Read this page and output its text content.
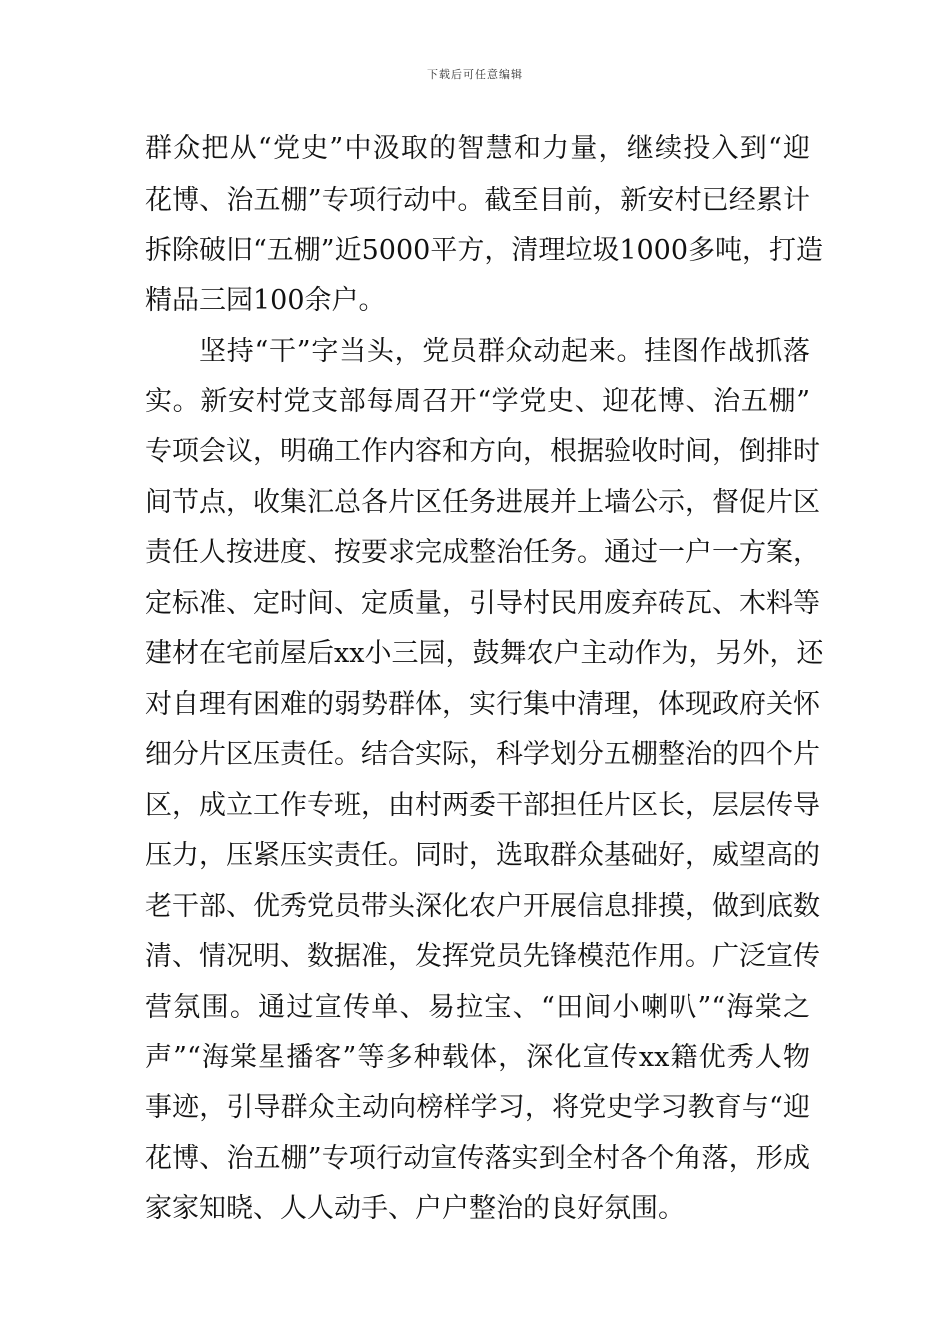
下载后可任意编辑
群众把从“党史”中汲取的智慧和力量，继续投入到“迎
花博、治五棚”专项行动中。截至目前，新安村已经累计
拆除破旧“五棚”近5000平方，清理垃圾1000多吨，打造
精品三园100余户。
坚持“干”字当头，党员群众动起来。挂图作战抓落
实。新安村党支部每周召开“学党史、迎花博、治五棚”
专项会议，明确工作内容和方向，根据验收时间，倒排时
间节点，收集汇总各片区任务进展并上墙公示，督促片区
责任人按进度、按要求完成整治任务。通过一户一方案，
定标准、定时间、定质量，引导村民用废弃砖瓦、木料等
建材在宅前屋后xx小三园，鼓舞农户主动作为，另外，还
对自理有困难的弱势群体，实行集中清理，体现政府关怀
细分片区压责任。结合实际，科学划分五棚整治的四个片
区，成立工作专班，由村两委干部担任片区长，层层传导
压力，压紧压实责任。同时，选取群众基础好，威望高的
老干部、优秀党员带头深化农户开展信息排摸，做到底数
清、情况明、数据准，发挥党员先锋模范作用。广泛宣传
营氛围。通过宣传单、易拉宝、“田间小喇叭”“海棠之
声”“海棠星播客”等多种载体，深化宣传xx籍优秀人物
事迹，引导群众主动向榜样学习，将党史学习教育与“迎
花博、治五棚”专项行动宣传落实到全村各个角落，形成
家家知晓、人人动手、户户整治的良好氛围。
